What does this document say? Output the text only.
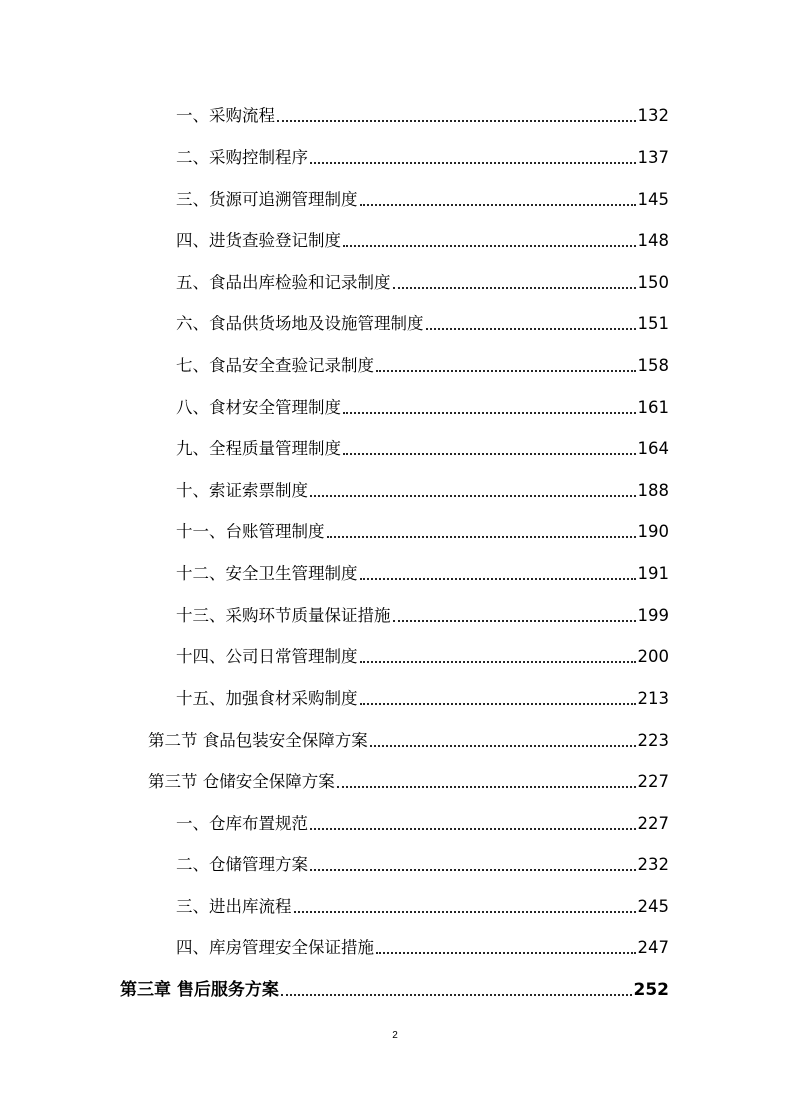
一、采购流程	132
二、采购控制程序	137
三、货源可追溯管理制度	145
四、进货查验登记制度	148
五、食品出库检验和记录制度	150
六、食品供货场地及设施管理制度	151
七、食品安全查验记录制度	158
八、食材安全管理制度	161
九、全程质量管理制度	164
十、索证索票制度	188
十一、台账管理制度	190
十二、安全卫生管理制度	191
十三、采购环节质量保证措施	199
十四、公司日常管理制度	200
十五、加强食材采购制度	213
第二节 食品包装安全保障方案	223
第三节 仓储安全保障方案	227
一、仓库布置规范	227
二、仓储管理方案	232
三、进出库流程	245
四、库房管理安全保证措施	247
第三章 售后服务方案	252
2
